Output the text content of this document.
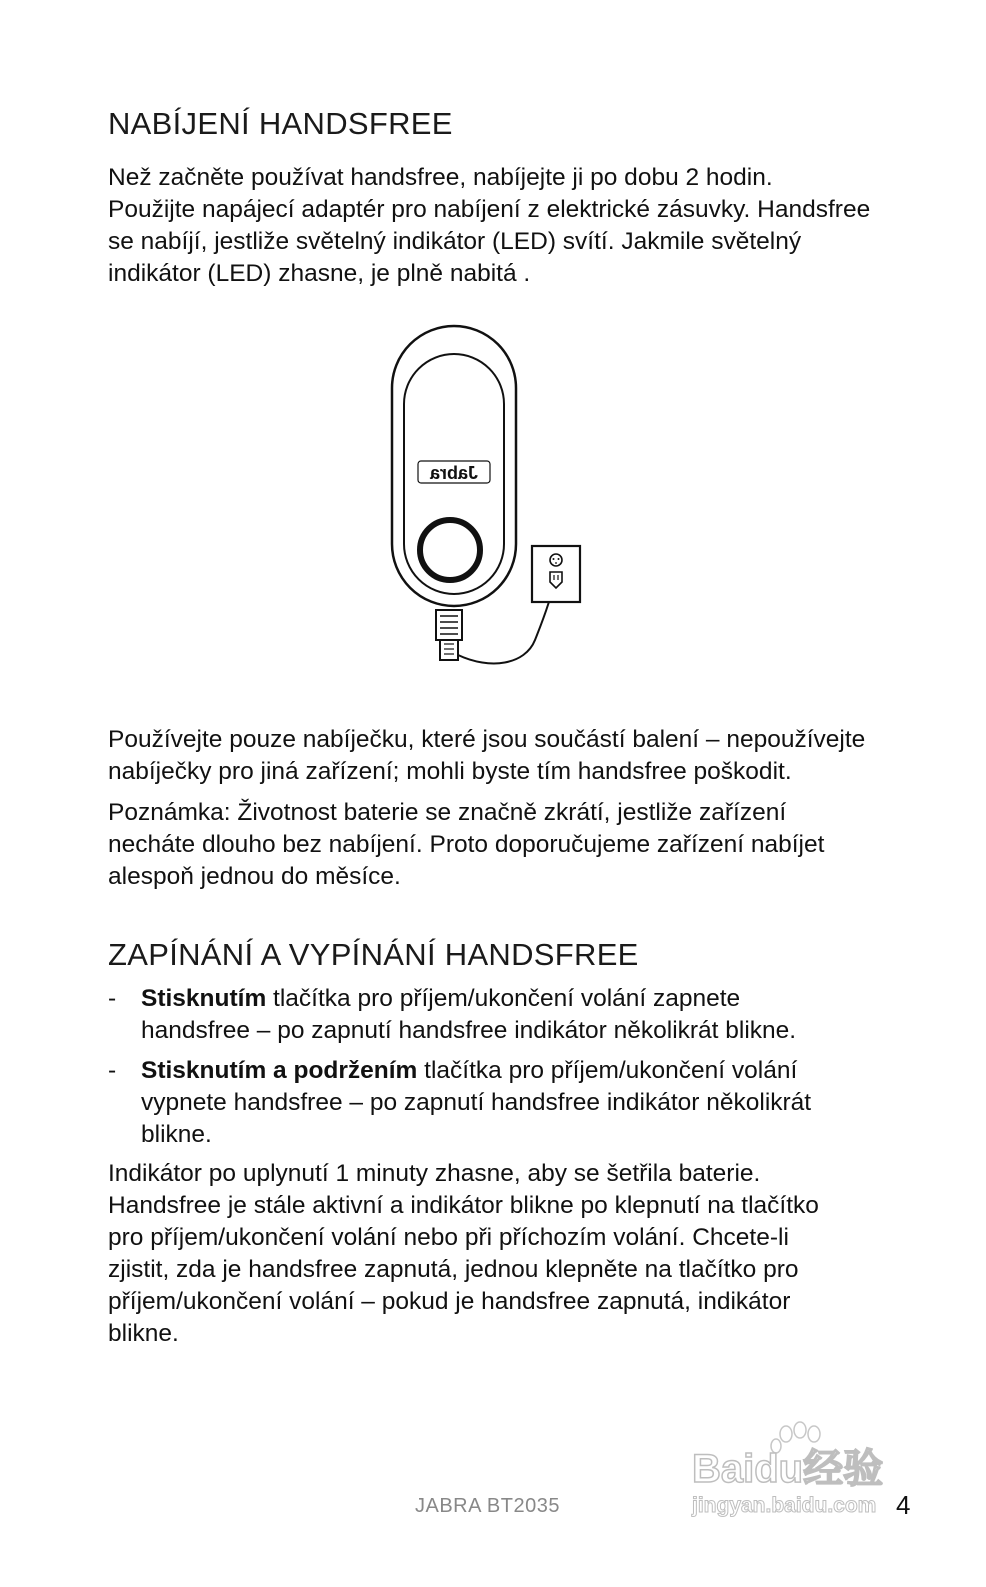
NABÍJENÍ HANDSFREE

Než začněte používat handsfree, nabíjejte ji po dobu 2 hodin.
Použijte napájecí adaptér pro nabíjení z elektrické zásuvky. Handsfree
se nabíjí, jestliže světelný indikátor (LED) svítí. Jakmile světelný
indikátor (LED) zhasne, je plně nabitá .

Jabra

Používejte pouze nabíječku, které jsou součástí balení – nepoužívejte
nabíječky pro jiná zařízení; mohli byste tím handsfree poškodit.

Poznámka: Životnost baterie se značně zkrátí, jestliže zařízení
necháte dlouho bez nabíjení. Proto doporučujeme zařízení nabíjet
alespoň jednou do měsíce.

ZAPÍNÁNÍ A VYPÍNÁNÍ HANDSFREE
- Stisknutím tlačítka pro příjem/ukončení volání zapnete
handsfree – po zapnutí handsfree indikátor několikrát blikne.
- Stisknutím a podržením tlačítka pro příjem/ukončení volání
vypnete handsfree – po zapnutí handsfree indikátor několikrát
blikne.

Indikátor po uplynutí 1 minuty zhasne, aby se šetřila baterie.
Handsfree je stále aktivní a indikátor blikne po klepnutí na tlačítko
pro příjem/ukončení volání nebo při příchozím volání. Chcete-li
zjistit, zda je handsfree zapnutá, jednou klepněte na tlačítko pro
příjem/ukončení volání – pokud je handsfree zapnutá, indikátor
blikne.

Baidu经验
jingyan.baidu.com
JABRA BT2035	4
